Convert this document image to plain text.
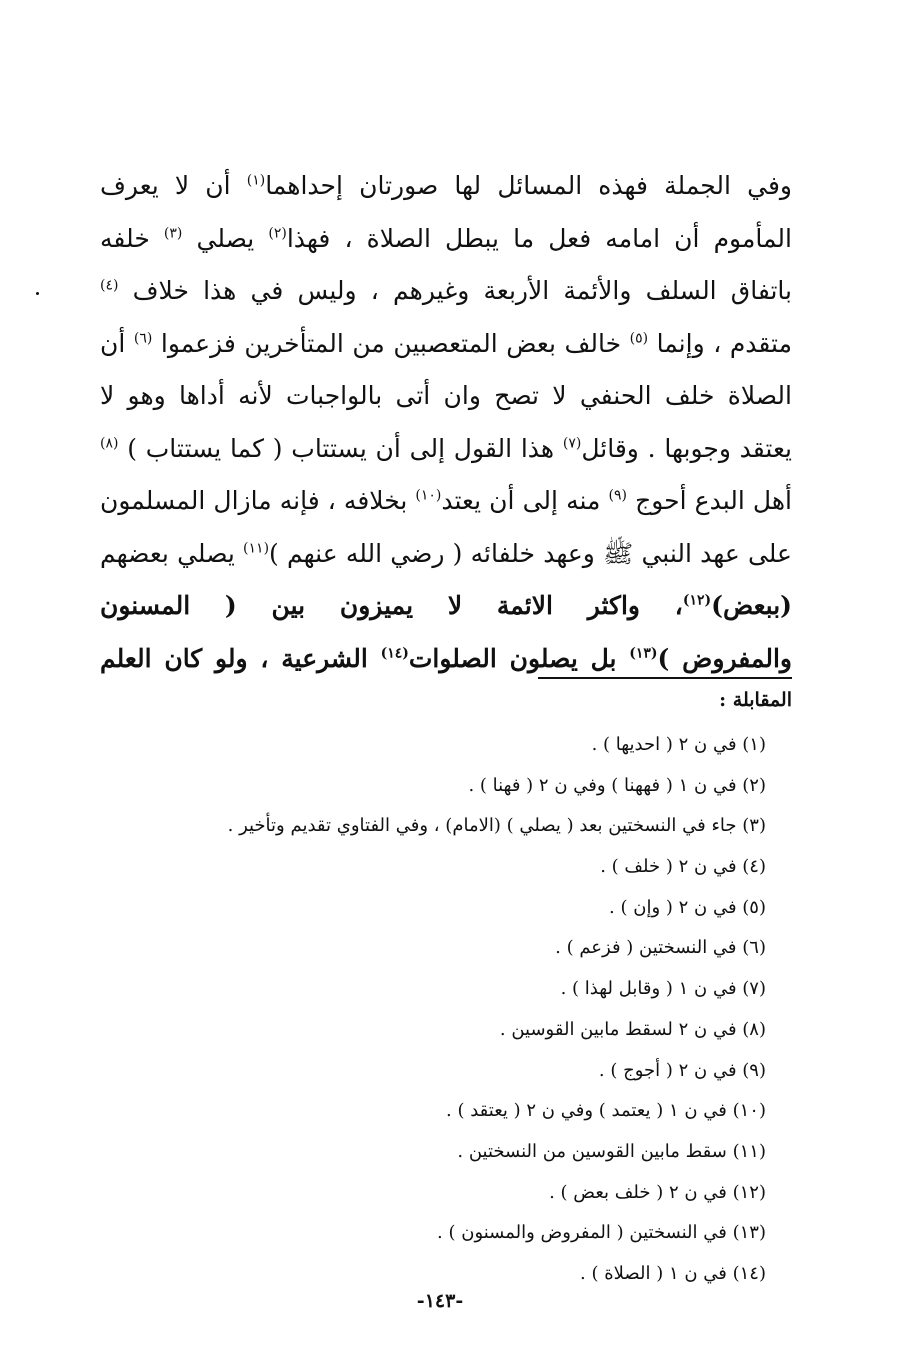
وفي الجملة فهذه المسائل لها صورتان إحداهما$^{(١)}$ أن لا يعرف
المأموم أن امامه فعل ما يبطل الصلاة ، فهذا$^{(٢)}$ يصلي $^{(٣)}$ خلفه
باتفاق السلف والأئمة الأربعة وغيرهم ، وليس في هذا خلاف $^{(٤)}$
متقدم ، وإنما $^{(٥)}$ خالف بعض المتعصبين من المتأخرين فزعموا $^{(٦)}$ أن
الصلاة خلف الحنفي لا تصح وان أتى بالواجبات لأنه أداها وهو لا
يعتقد وجوبها . وقائل$^{(٧)}$ هذا القول إلى أن يستتاب ( كما يستتاب ) $^{(٨)}$
أهل البدع أحوج $^{(٩)}$ منه إلى أن يعتد$^{(١٠)}$ بخلافه ، فإنه مازال المسلمون
على عهد النبي ﷺ وعهد خلفائه ( رضي الله عنهم )$^{(١١)}$ يصلي بعضهم
(ببعض)$^{(١٢)}$، واكثر الائمة لا يميزون بين ( المسنون
والمفروض )$^{(١٣)}$ بل يصلون الصلوات$^{(١٤)}$ الشرعية ، ولو كان العلم
المقابلة :
(١) في ن ٢ ( احديها ) .
(٢) في ن ١ ( فههنا ) وفي ن ٢ ( فهنا ) .
(٣) جاء في النسختين بعد ( يصلي ) (الامام) ، وفي الفتاوي تقديم وتأخير .
(٤) في ن ٢ ( خلف ) .
(٥) في ن ٢ ( وإن ) .
(٦) في النسختين ( فزعم ) .
(٧) في ن ١ ( وقابل لهذا ) .
(٨) في ن ٢ لسقط مابين القوسين .
(٩) في ن ٢ ( أجوج ) .
(١٠) في ن ١ ( يعتمد ) وفي ن ٢ ( يعتقد ) .
(١١) سقط مابين القوسين من النسختين .
(١٢) في ن ٢ ( خلف بعض ) .
(١٣) في النسختين ( المفروض والمسنون ) .
(١٤) في ن ١ ( الصلاة ) .
-١٤٣-
